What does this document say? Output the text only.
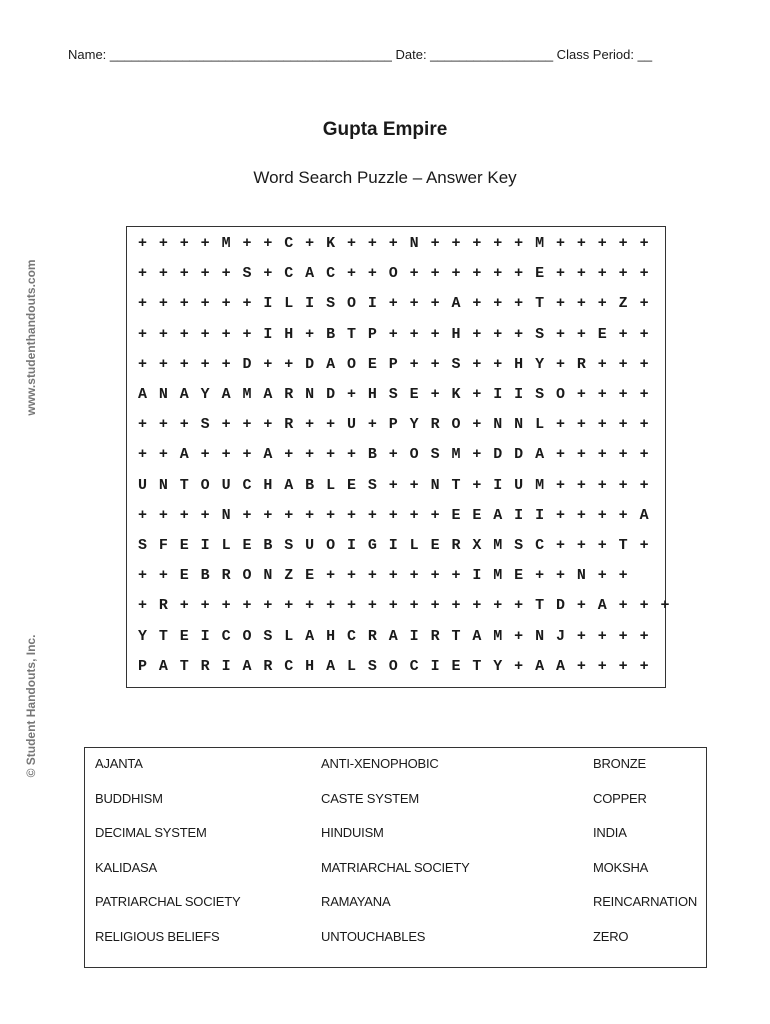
Name: _______________________________________ Date: _________________ Class Period: __
Gupta Empire
Word Search Puzzle – Answer Key
www.studenthandouts.com
© Student Handouts, Inc.
+ + + + M + + C + K + + + N + + + + + M + + + + +
+ + + + + S + C A C + + O + + + + + + E + + + + +
+ + + + + + I L I S O I + + + A + + + T + + + Z +
+ + + + + + I H + B T P + + + H + + + S + + E + +
+ + + + + D + + D A O E P + + S + + H Y + R + + +
A N A Y A M A R N D + H S E + K + I I S O + + + +
+ + + S + + + R + + U + P Y R O + N N L + + + + +
+ + A + + + A + + + + B + O S M + D D A + + + + +
U N T O U C H A B L E S + + N T + I U M + + + + +
+ + + + N + + + + + + + + + + E E A I I + + + + A
S F E I L E B S U O I G I L E R X M S C + + + T +
+ + E B R O N Z E + + + + + + + I M E + + N + +
+ R + + + + + + + + + + + + + + + + + T D + A + + +
Y T E I C O S L A H C R A I R T A M + N J + + + +
P A T R I A R C H A L S O C I E T Y + A A + + + +
AJANTA	ANTI-XENOPHOBIC	BRONZE
BUDDHISM	CASTE SYSTEM	COPPER
DECIMAL SYSTEM	HINDUISM	INDIA
KALIDASA	MATRIARCHAL SOCIETY	MOKSHA
PATRIARCHAL SOCIETY	RAMAYANA	REINCARNATION
RELIGIOUS BELIEFS	UNTOUCHABLES	ZERO
